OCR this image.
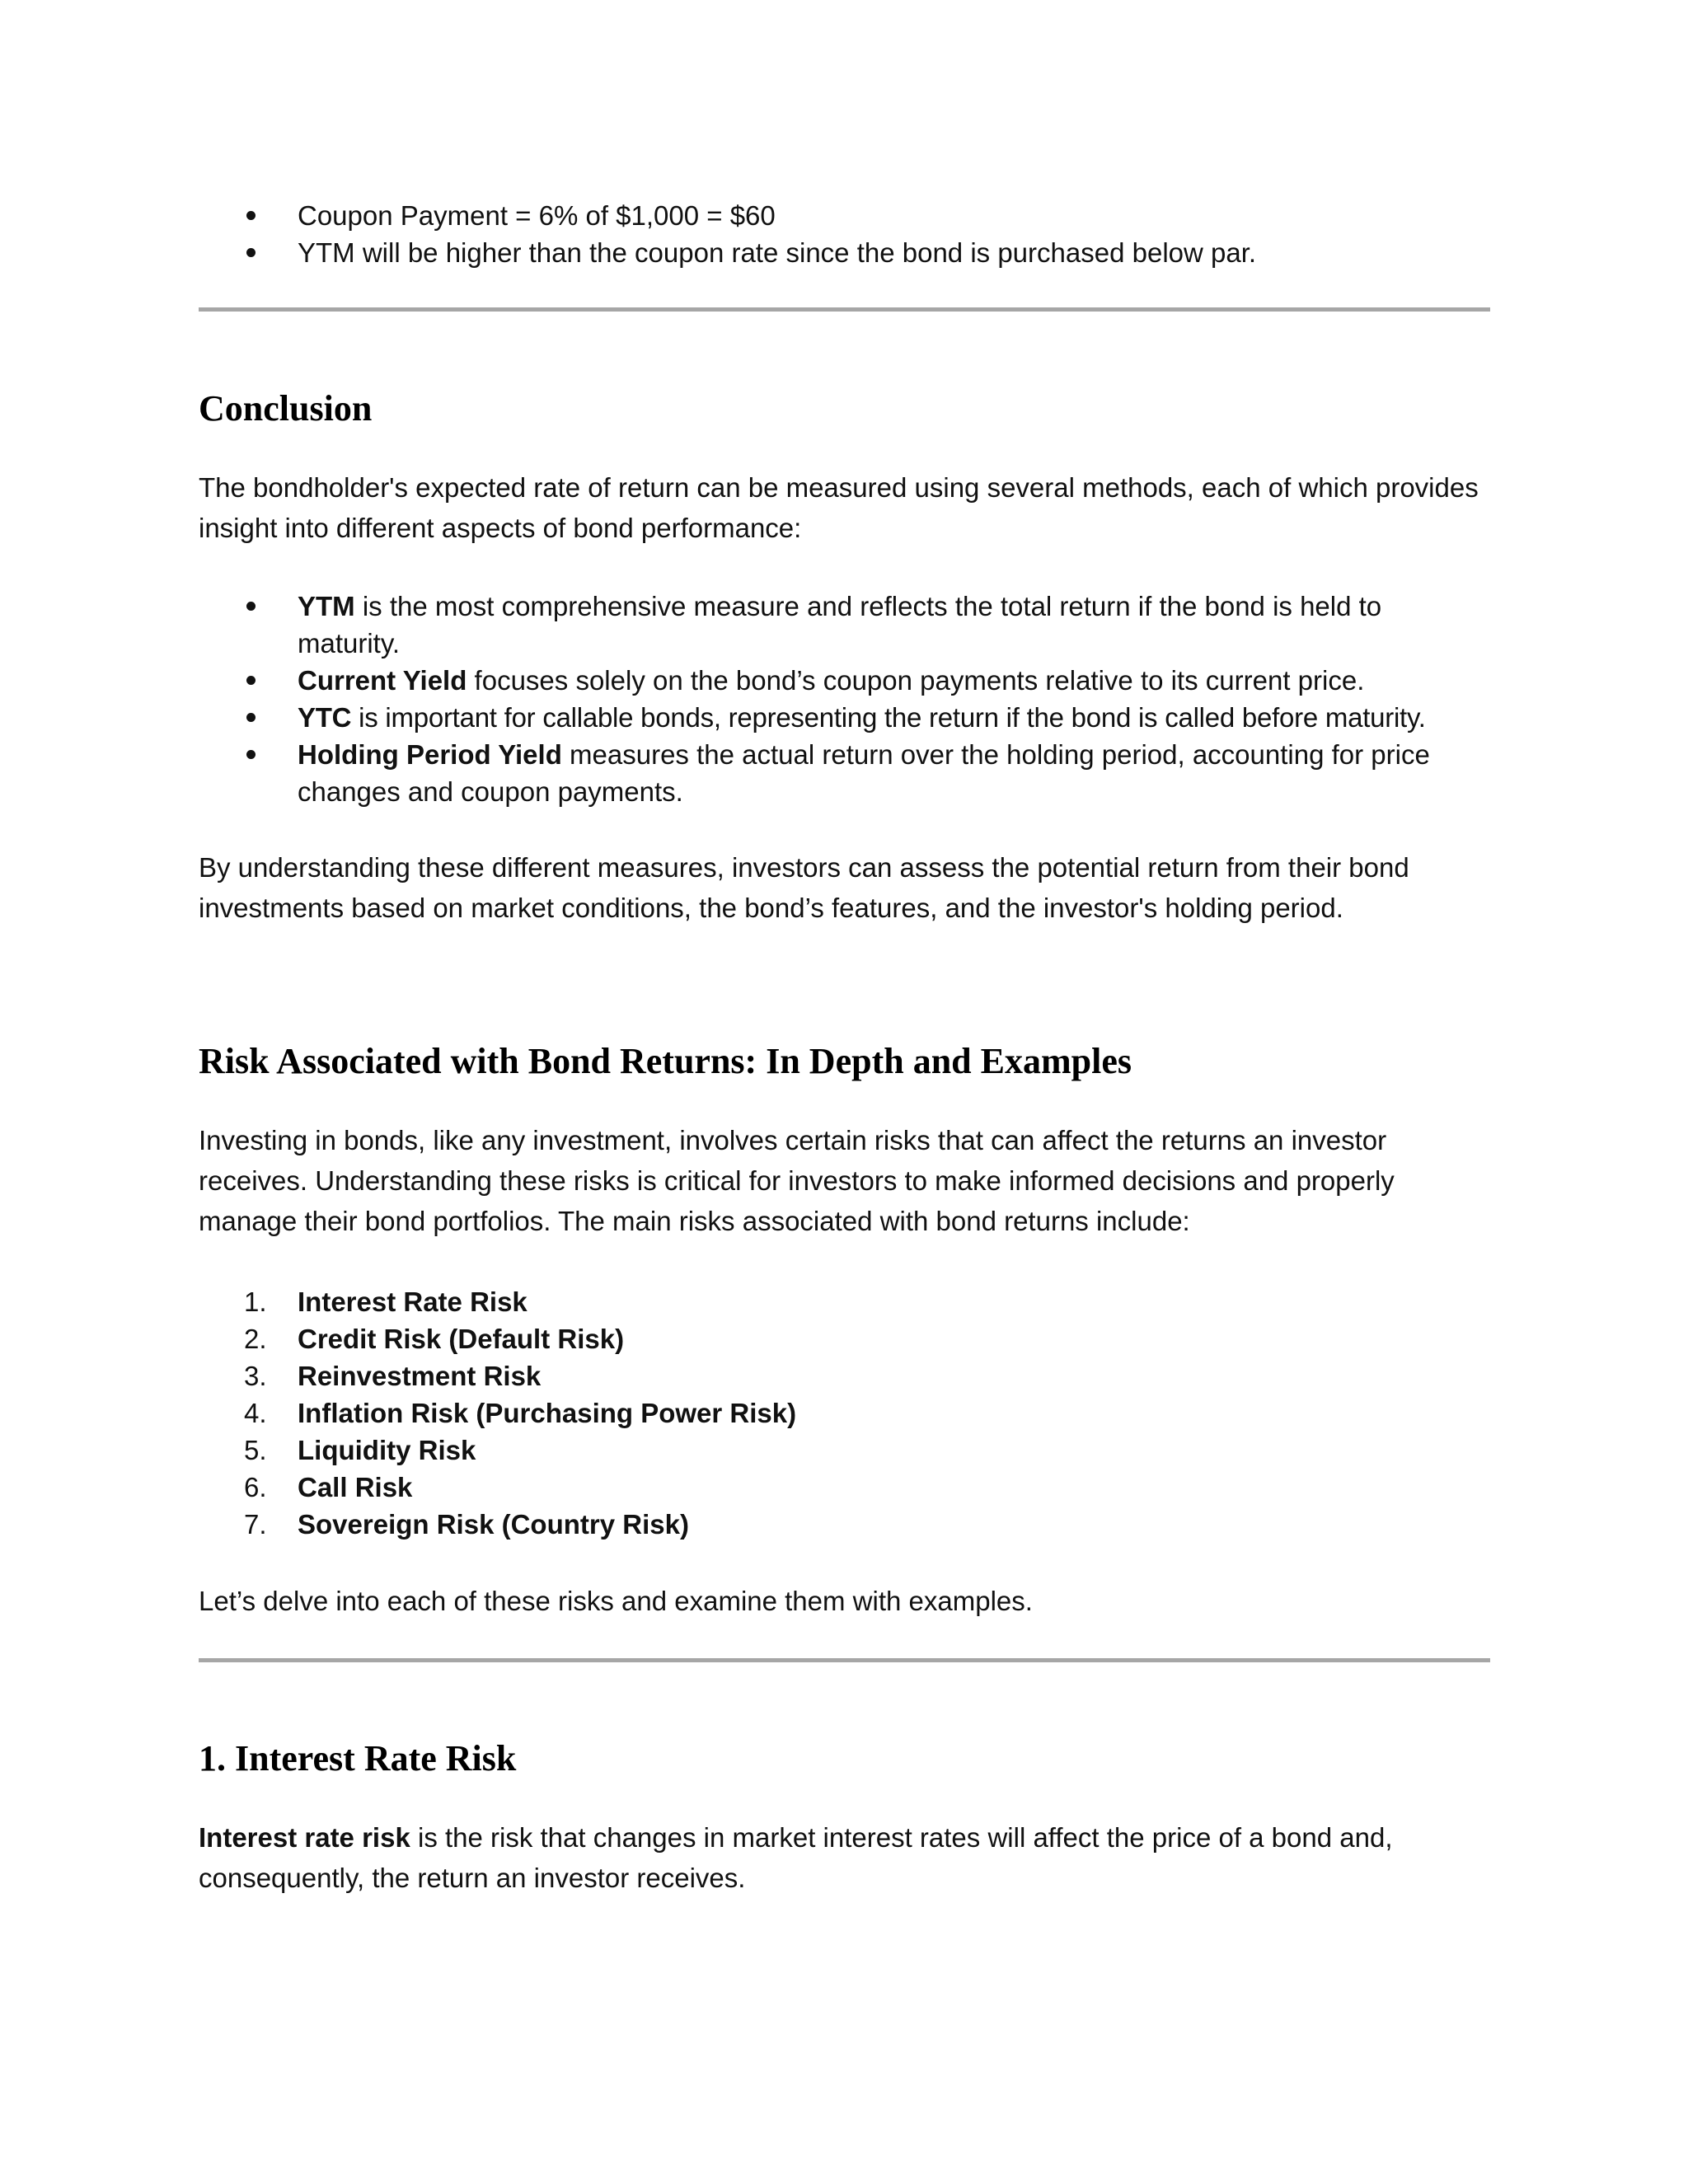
Coupon Payment = 6% of $1,000 = $60
YTM will be higher than the coupon rate since the bond is purchased below par.
Conclusion

The bondholder's expected rate of return can be measured using several methods, each of which provides insight into different aspects of bond performance:

YTM is the most comprehensive measure and reflects the total return if the bond is held to maturity.
Current Yield focuses solely on the bond’s coupon payments relative to its current price.
YTC is important for callable bonds, representing the return if the bond is called before maturity.
Holding Period Yield measures the actual return over the holding period, accounting for price changes and coupon payments.

By understanding these different measures, investors can assess the potential return from their bond investments based on market conditions, the bond’s features, and the investor's holding period.

Risk Associated with Bond Returns: In Depth and Examples

Investing in bonds, like any investment, involves certain risks that can affect the returns an investor receives. Understanding these risks is critical for investors to make informed decisions and properly manage their bond portfolios. The main risks associated with bond returns include:

1.	Interest Rate Risk
2.	Credit Risk (Default Risk)
3.	Reinvestment Risk
4.	Inflation Risk (Purchasing Power Risk)
5.	Liquidity Risk
6.	Call Risk
7.	Sovereign Risk (Country Risk)

Let’s delve into each of these risks and examine them with examples.

1. Interest Rate Risk

Interest rate risk is the risk that changes in market interest rates will affect the price of a bond and, consequently, the return an investor receives.
